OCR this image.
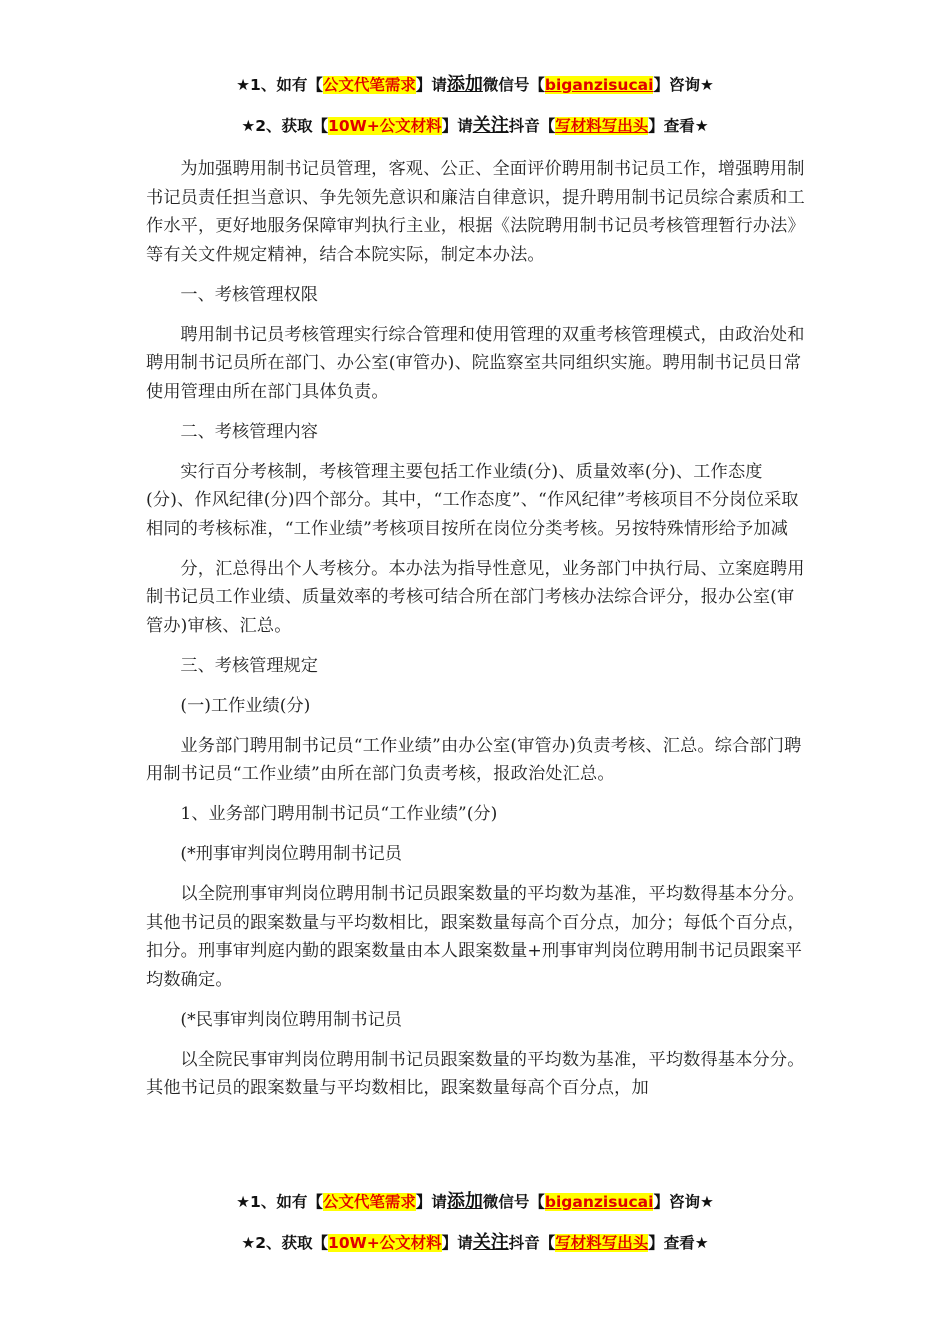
★1、如有【公文代笔需求】请添加微信号【biganzisucai】咨询★
★2、获取【10W+公文材料】请关注抖音【写材料写出头】查看★

为加强聘用制书记员管理，客观、公正、全面评价聘用制书记员工作，增强聘用制书记员责任担当意识、争先领先意识和廉洁自律意识，提升聘用制书记员综合素质和工作水平，更好地服务保障审判执行主业，根据《法院聘用制书记员考核管理暂行办法》等有关文件规定精神，结合本院实际，制定本办法。

一、考核管理权限

聘用制书记员考核管理实行综合管理和使用管理的双重考核管理模式，由政治处和聘用制书记员所在部门、办公室(审管办)、院监察室共同组织实施。聘用制书记员日常使用管理由所在部门具体负责。

二、考核管理内容

实行百分考核制，考核管理主要包括工作业绩(分)、质量效率(分)、工作态度(分)、作风纪律(分)四个部分。其中，“工作态度”、“作风纪律”考核项目不分岗位采取相同的考核标准，“工作业绩”考核项目按所在岗位分类考核。另按特殊情形给予加减

分，汇总得出个人考核分。本办法为指导性意见，业务部门中执行局、立案庭聘用制书记员工作业绩、质量效率的考核可结合所在部门考核办法综合评分，报办公室(审管办)审核、汇总。

三、考核管理规定

(一)工作业绩(分)

业务部门聘用制书记员“工作业绩”由办公室(审管办)负责考核、汇总。综合部门聘用制书记员“工作业绩”由所在部门负责考核，报政治处汇总。

1、业务部门聘用制书记员“工作业绩”(分)

(*刑事审判岗位聘用制书记员

以全院刑事审判岗位聘用制书记员跟案数量的平均数为基准，平均数得基本分分。其他书记员的跟案数量与平均数相比，跟案数量每高个百分点，加分；每低个百分点，扣分。刑事审判庭内勤的跟案数量由本人跟案数量+刑事审判岗位聘用制书记员跟案平均数确定。

(*民事审判岗位聘用制书记员

以全院民事审判岗位聘用制书记员跟案数量的平均数为基准，平均数得基本分分。其他书记员的跟案数量与平均数相比，跟案数量每高个百分点，加

★1、如有【公文代笔需求】请添加微信号【biganzisucai】咨询★
★2、获取【10W+公文材料】请关注抖音【写材料写出头】查看★
